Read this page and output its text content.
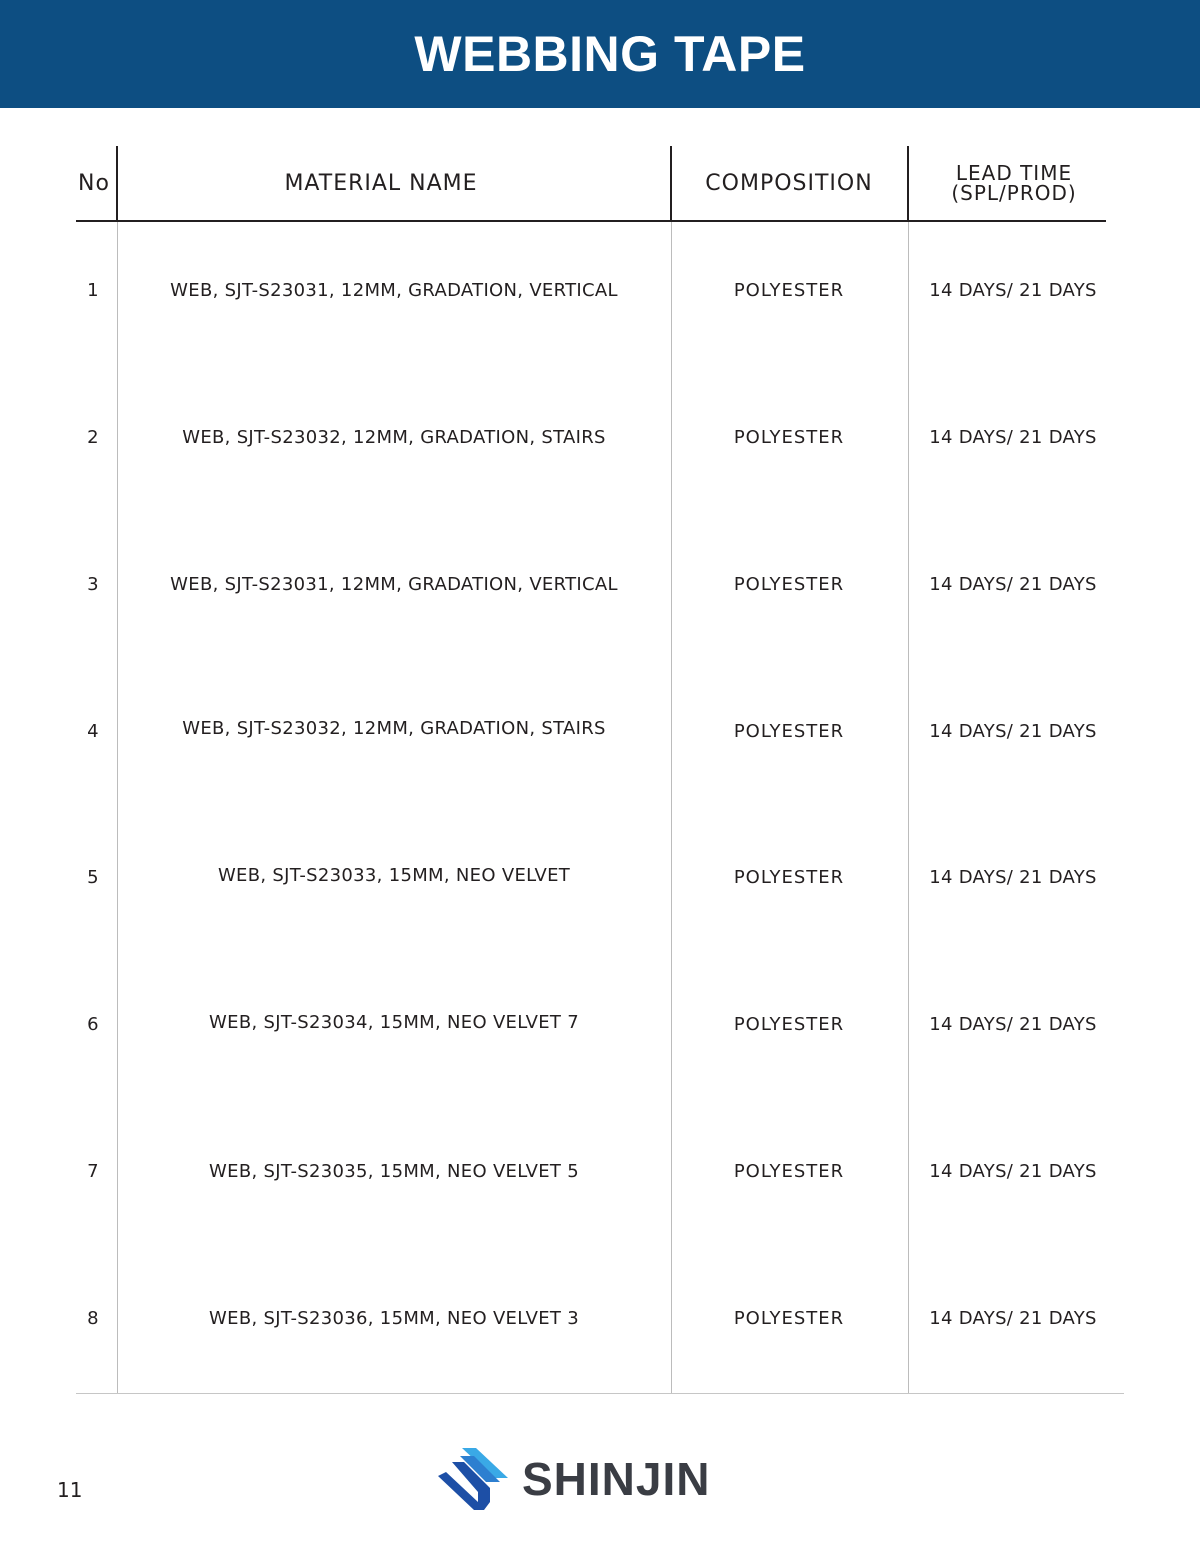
WEBBING TAPE
No	MATERIAL NAME	COMPOSITION	LEAD TIME
(SPL/PROD)
1	WEB, SJT-S23031, 12MM, GRADATION, VERTICAL	POLYESTER	14 DAYS/ 21 DAYS
2	WEB, SJT-S23032, 12MM, GRADATION, STAIRS	POLYESTER	14 DAYS/ 21 DAYS
3	WEB, SJT-S23031, 12MM, GRADATION, VERTICAL	POLYESTER	14 DAYS/ 21 DAYS
4	WEB, SJT-S23032, 12MM, GRADATION, STAIRS	POLYESTER	14 DAYS/ 21 DAYS
5	WEB, SJT-S23033, 15MM, NEO VELVET	POLYESTER	14 DAYS/ 21 DAYS
6	WEB, SJT-S23034, 15MM, NEO VELVET 7	POLYESTER	14 DAYS/ 21 DAYS
7	WEB, SJT-S23035, 15MM, NEO VELVET 5	POLYESTER	14 DAYS/ 21 DAYS
8	WEB, SJT-S23036, 15MM, NEO VELVET 3	POLYESTER	14 DAYS/ 21 DAYS
11	SHINJIN
